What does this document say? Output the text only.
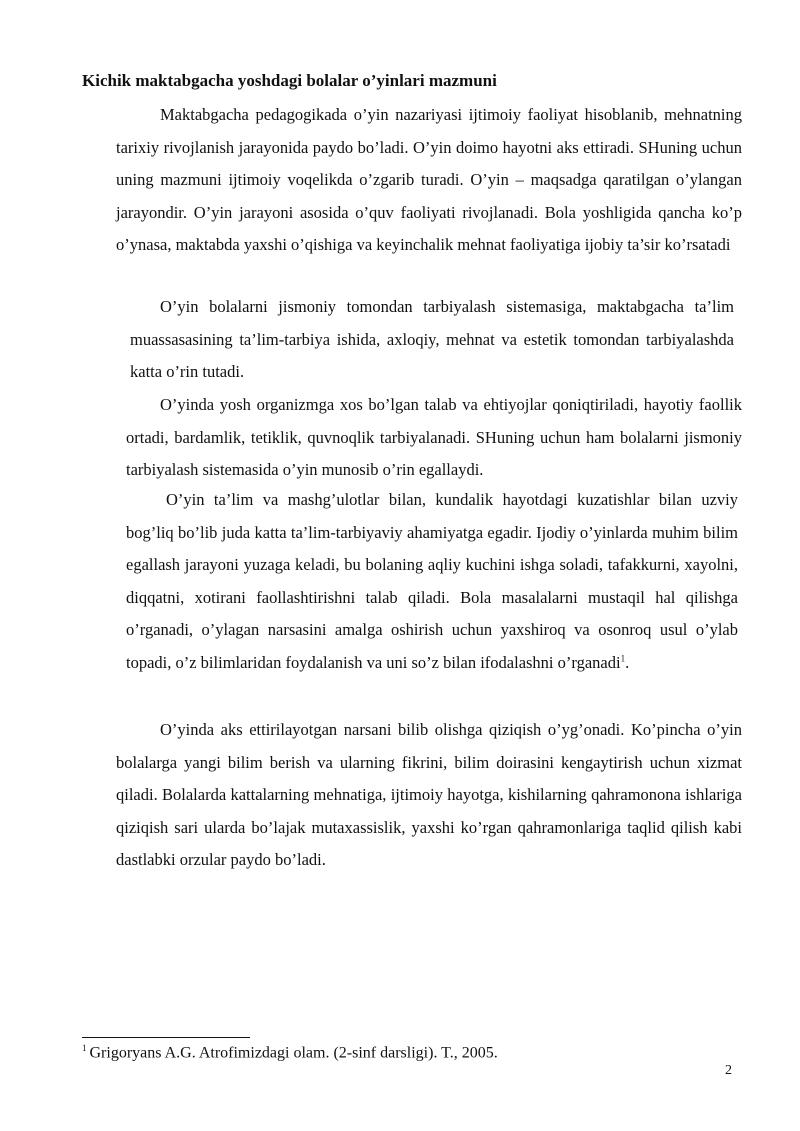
Kichik maktabgacha yoshdagi bolalar o’yinlari mazmuni

Maktabgacha pedagogikada o’yin nazariyasi ijtimoiy faoliyat hisoblanib, mehnatning tarixiy rivojlanish jarayonida paydo bo’ladi. O’yin doimo hayotni aks ettiradi. SHuning uchun uning mazmuni ijtimoiy voqelikda o’zgarib turadi. O’yin – maqsadga qaratilgan o’ylangan jarayondir. O’yin jarayoni asosida o’quv faoliyati rivojlanadi. Bola yoshligida qancha ko’p o’ynasa, maktabda yaxshi o’qishiga va keyinchalik mehnat faoliyatiga ijobiy ta’sir ko’rsatadi

O’yin bolalarni jismoniy tomondan tarbiyalash sistemasiga, maktabgacha ta’lim muassasasining ta’lim-tarbiya ishida, axloqiy, mehnat va estetik tomondan tarbiyalashda katta o’rin tutadi.

O’yinda yosh organizmga xos bo’lgan talab va ehtiyojlar qoniqtiriladi, hayotiy faollik ortadi, bardamlik, tetiklik, quvnoqlik tarbiyalanadi. SHuning uchun ham bolalarni jismoniy tarbiyalash sistemasida o’yin munosib o’rin egallaydi.

O’yin ta’lim va mashg’ulotlar bilan, kundalik hayotdagi kuzatishlar bilan uzviy bog’liq bo’lib juda katta ta’lim-tarbiyaviy ahamiyatga egadir. Ijodiy o’yinlarda muhim bilim egallash jarayoni yuzaga keladi, bu bolaning aqliy kuchini ishga soladi, tafakkurni, xayolni, diqqatni, xotirani faollashtirishni talab qiladi. Bola masalalarni mustaqil hal qilishga o’rganadi, o’ylagan narsasini amalga oshirish uchun yaxshiroq va osonroq usul o’ylab topadi, o’z bilimlaridan foydalanish va uni so’z bilan ifodalashni o’rganadi$^1$.

O’yinda aks ettirilayotgan narsani bilib olishga qiziqish o’yg’onadi. Ko’pincha o’yin bolalarga yangi bilim berish va ularning fikrini, bilim doirasini kengaytirish uchun xizmat qiladi. Bolalarda kattalarning mehnatiga, ijtimoiy hayotga, kishilarning qahramonona ishlariga qiziqish sari ularda bo’lajak mutaxassislik, yaxshi ko’rgan qahramonlariga taqlid qilish kabi dastlabki orzular paydo bo’ladi.

$^1$ Grigoryans A.G. Atrofimizdagi olam. (2-sinf darsligi). T., 2005.
2
